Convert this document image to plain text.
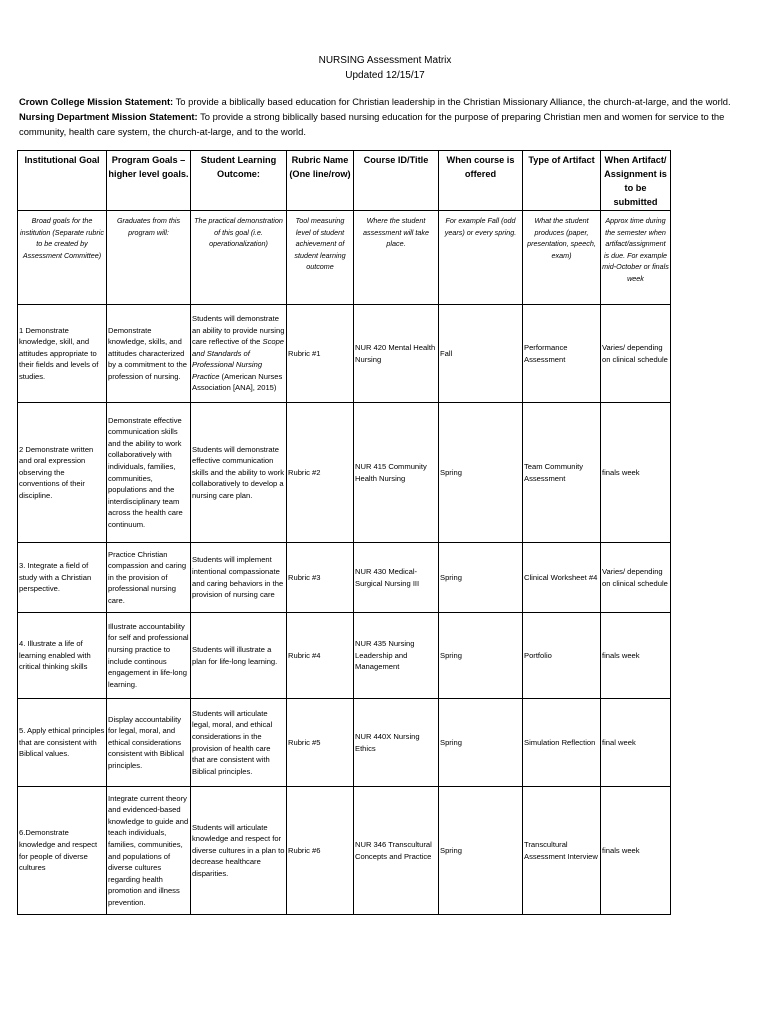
NURSING Assessment Matrix
Updated 12/15/17
Crown College Mission Statement: To provide a biblically based education for Christian leadership in the Christian Missionary Alliance, the church-at-large, and the world.
Nursing Department Mission Statement: To provide a strong biblically based nursing education for the purpose of preparing Christian men and women for service to the community, health care system, the church-at-large, and to the world.
Institutional Goal	Program Goals – higher level goals.	Student Learning Outcome:	Rubric Name (One line/row)	Course ID/Title	When course is offered	Type of Artifact	When Artifact/ Assignment is to be submitted
Broad goals for the institution (Separate rubric to be created by Assessment Committee)	Graduates from this program will:	The practical demonstration of this goal (i.e. operationalization)	Tool measuring level of student achievement of student learning outcome	Where the student assessment will take place.	For example Fall (odd years) or every spring.	What the student produces (paper, presentation, speech, exam)	Approx time during the semester when artifact/assignment is due. For example mid-October or finals week
1 Demonstrate knowledge, skill, and attitudes appropriate to their fields and levels of studies.	Demonstrate knowledge, skills, and attitudes characterized by a commitment to the profession of nursing.	Students will demonstrate an ability to provide nursing care reflective of the Scope and Standards of Professional Nursing Practice (American Nurses Association [ANA], 2015)	Rubric #1	NUR 420 Mental Health Nursing	Fall	Performance Assessment	Varies/ depending on clinical schedule
2 Demonstrate written and oral expression observing the conventions of their discipline.	Demonstrate effective communication skills and the ability to work collaboratively with individuals, families, communities, populations and the interdisciplinary team across the health care continuum.	Students will demonstrate effective communication skills and the ability to work collaboratively to develop a nursing care plan.	Rubric #2	NUR 415 Community Health Nursing	Spring	Team Community Assessment	finals week
3. Integrate a field of study with a Christian perspective.	Practice Christian compassion and caring in the provision of professional nursing care.	Students will implement intentional compassionate and caring behaviors in the provision of nursing care	Rubric #3	NUR 430 Medical-Surgical Nursing III	Spring	Clinical Worksheet #4	Varies/ depending on clinical schedule
4. Illustrate a life of learning enabled with critical thinking skills	Illustrate accountability for self and professional nursing practice to include continous engagement in life-long learning.	Students will illustrate a plan for life-long learning.	Rubric #4	NUR 435 Nursing Leadership and Management	Spring	Portfolio	finals week
5. Apply ethical principles that are consistent with Biblical values.	Display accountability for legal, moral, and ethical considerations consistent with Biblical principles.	Students will articulate legal, moral, and ethical considerations in the provision of health care that are consistent with Biblical principles.	Rubric #5	NUR 440X Nursing Ethics	Spring	Simulation Reflection	final week
6.Demonstrate knowledge and respect for people of diverse cultures	Integrate current theory and evidenced-based knowledge to guide and teach individuals, families, communities, and populations of diverse cultures regarding health promotion and illness prevention.	Students will articulate knowledge and respect for diverse cultures in a plan to decrease healthcare disparities.	Rubric #6	NUR 346 Transcultural Concepts and Practice	Spring	Transcultural Assessment Interview	finals week
